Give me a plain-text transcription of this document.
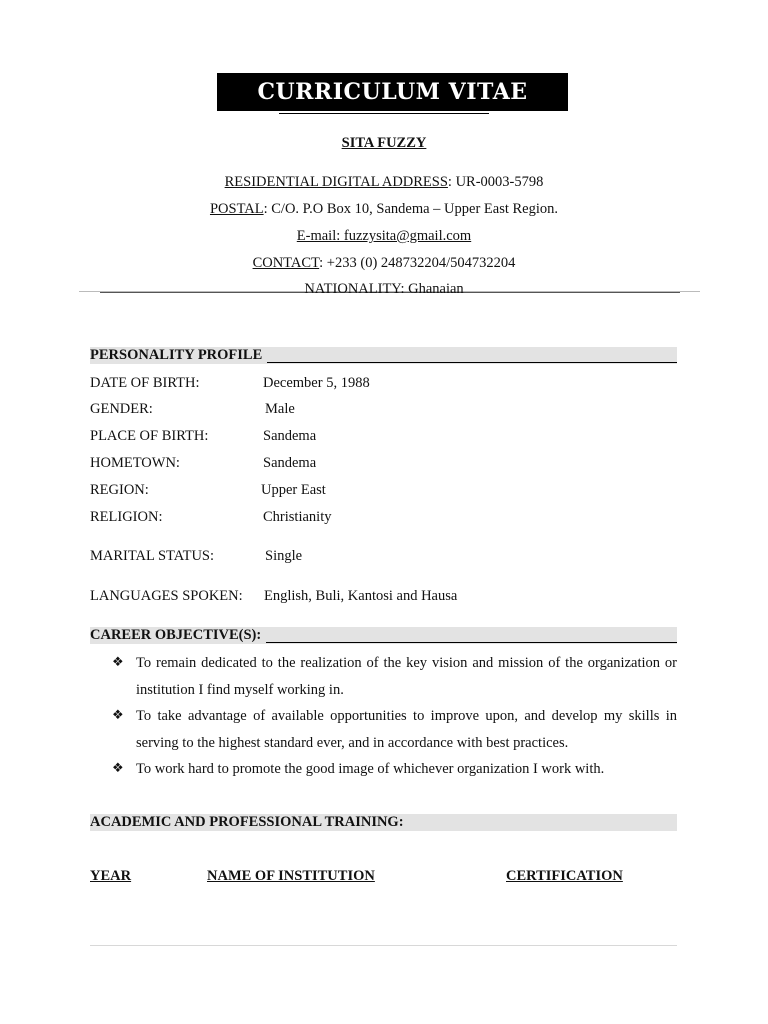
CURRICULUM VITAE
SITA FUZZY
RESIDENTIAL DIGITAL ADDRESS: UR-0003-5798
POSTAL: C/O. P.O Box 10, Sandema – Upper East Region.
E-mail: fuzzysita@gmail.com
CONTACT: +233 (0) 248732204/504732204
NATIONALITY: Ghanaian
PERSONALITY PROFILE
DATE OF BIRTH:	December 5, 1988
GENDER:	Male
PLACE OF BIRTH:	Sandema
HOMETOWN:	Sandema
REGION:	Upper East
RELIGION:	Christianity
MARITAL STATUS:	Single
LANGUAGES SPOKEN: English, Buli, Kantosi and Hausa
CAREER OBJECTIVE(S):
❖ To remain dedicated to the realization of the key vision and mission of the organization or institution I find myself working in.
❖ To take advantage of available opportunities to improve upon, and develop my skills in serving to the highest standard ever, and in accordance with best practices.
❖ To work hard to promote the good image of whichever organization I work with.
ACADEMIC AND PROFESSIONAL TRAINING:
YEAR	NAME OF INSTITUTION	CERTIFICATION
